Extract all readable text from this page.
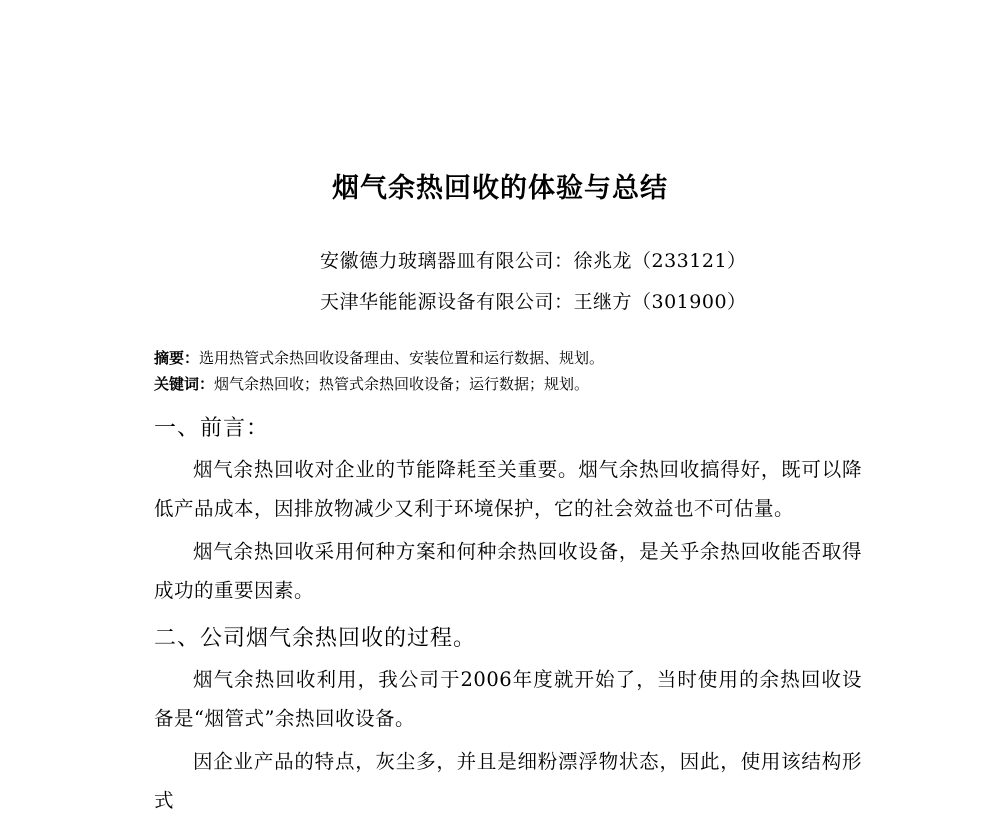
烟气余热回收的体验与总结
安徽德力玻璃器皿有限公司：徐兆龙（233121）
天津华能能源设备有限公司：王继方（301900）
摘要：选用热管式余热回收设备理由、安装位置和运行数据、规划。
关键词：烟气余热回收；热管式余热回收设备；运行数据；规划。
一、前言：
烟气余热回收对企业的节能降耗至关重要。烟气余热回收搞得好，既可以降低产品成本，因排放物减少又利于环境保护，它的社会效益也不可估量。
烟气余热回收采用何种方案和何种余热回收设备，是关乎余热回收能否取得成功的重要因素。
二、公司烟气余热回收的过程。
烟气余热回收利用，我公司于2006年度就开始了，当时使用的余热回收设备是“烟管式”余热回收设备。
因企业产品的特点，灰尘多，并且是细粉漂浮物状态，因此，使用该结构形式
